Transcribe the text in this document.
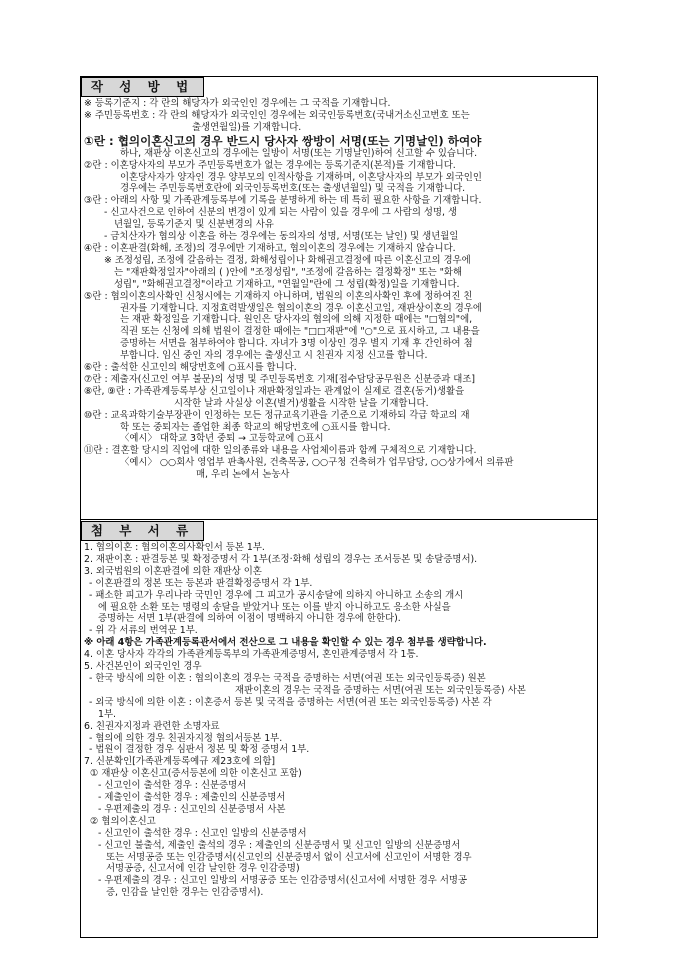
작 성 방 법
※ 등록기준지 : 각 란의 해당자가 외국인인 경우에는 그 국적을 기재합니다.
※ 주민등록번호 : 각 란의 해당자가 외국인인 경우에는 외국인등록번호(국내거소신고번호 또는
출생연월일)를 기재합니다.
①란 : 협의이혼신고의 경우 반드시 당사자 쌍방이 서명(또는 기명날인) 하여야
하나, 재판상 이혼신고의 경우에는 일방이 서명(또는 기명날인)하여 신고할 수 있습니다.
②란 : 이혼당사자의 부모가 주민등록번호가 없는 경우에는 등록기준지(본적)를 기재합니다.
이혼당사자가 양자인 경우 양부모의 인적사항을 기재하며, 이혼당사자의 부모가 외국인인
경우에는 주민등록번호란에 외국인등록번호(또는 출생년월일) 및 국적을 기재합니다.
③란 : 아래의 사항 및 가족관계등록부에 기록을 분명하게 하는 데 특히 필요한 사항을 기재합니다.
- 신고사건으로 인하여 신분의 변경이 있게 되는 사람이 있을 경우에 그 사람의 성명, 생
년월일, 등록기준지 및 신분변경의 사유
- 금치산자가 협의상 이혼을 하는 경우에는 동의자의 성명, 서명(또는 날인) 및 생년월일
④란 : 이혼판결(화해, 조정)의 경우에만 기재하고, 협의이혼의 경우에는 기재하지 않습니다.
※ 조정성립, 조정에 갈음하는 결정, 화해성립이나 화해권고결정에 따른 이혼신고의 경우에
는 "재판확정일자"아래의 ( )안에 "조정성립", "조정에 갈음하는 결정확정" 또는 "화해
성립", "화해권고결정"이라고 기재하고, "연월일"란에 그 성립(확정)일을 기재합니다.
⑤란 : 협의이혼의사확인 신청시에는 기재하지 아니하며, 법원의 이혼의사확인 후에 정하여진 친
권자를 기재합니다. 지정효력발생일은 협의이혼의 경우 이혼신고일, 재판상이혼의 경우에
는 재판 확정일을 기재합니다. 원인은 당사자의 협의에 의해 지정한 때에는 "□협의"에,
직권 또는 신청에 의해 법원이 결정한 때에는 "□□재판"에 "○"으로 표시하고, 그 내용을
증명하는 서면을 첨부하여야 합니다. 자녀가 3명 이상인 경우 별지 기재 후 간인하여 첨
부합니다. 임신 중인 자의 경우에는 출생신고 시 친권자 지정 신고를 합니다.
⑥란 : 출석한 신고인의 해당번호에 ○표시를 합니다.
⑦란 : 제출자(신고인 여부 불문)의 성명 및 주민등록번호 기재[접수담당공무원은 신분증과 대조]
⑧란, ⑨란 : 가족관계등록부상 신고일이나 재판확정일과는 관계없이 실제로 결혼(동거)생활을
시작한 날과 사실상 이혼(별거)생활을 시작한 날을 기재합니다.
⑩란 : 교육과학기술부장관이 인정하는 모든 정규교육기관을 기준으로 기재하되 각급 학교의 재
학 또는 중퇴자는 졸업한 최종 학교의 해당번호에 ○표시를 합니다.
〈예시〉 대학교 3학년 중퇴 → 고등학교에 ○표시
⑪란 : 결혼할 당시의 직업에 대한 일의종류와 내용을 사업체이름과 함께 구체적으로 기재합니다.
〈예시〉 ○○회사 영업부 판촉사원, 건축목공, ○○구청 건축허가 업무담당, ○○상가에서 의류판
매, 우리 논에서 논농사
첨 부 서 류
1. 협의이혼 : 협의이혼의사확인서 등본 1부.
2. 재판이혼 : 판결등본 및 확정증명서 각 1부(조정·화해 성립의 경우는 조서등본 및 송달증명서).
3. 외국법원의 이혼판결에 의한 재판상 이혼
- 이혼판결의 정본 또는 등본과 판결확정증명서 각 1부.
- 패소한 피고가 우리나라 국민인 경우에 그 피고가 공시송달에 의하지 아니하고 소송의 개시
에 필요한 소환 또는 명령의 송달을 받았거나 또는 이를 받지 아니하고도 응소한 사실을
증명하는 서면 1부(판결에 의하여 이점이 명백하지 아니한 경우에 한한다).
- 위 각 서류의 번역문 1부.
※ 아래 4항은 가족관계등록관서에서 전산으로 그 내용을 확인할 수 있는 경우 첨부를 생략합니다.
4. 이혼 당사자 각각의 가족관계등록부의 가족관계증명서, 혼인관계증명서 각 1통.
5. 사건본인이 외국인인 경우
- 한국 방식에 의한 이혼 : 협의이혼의 경우는 국적을 증명하는 서면(여권 또는 외국인등록증) 원본
재판이혼의 경우는 국적을 증명하는 서면(여권 또는 외국인등록증) 사본
- 외국 방식에 의한 이혼 : 이혼증서 등본 및 국적을 증명하는 서면(여권 또는 외국인등록증) 사본 각
1부.
6. 친권자지정과 관련한 소명자료
- 협의에 의한 경우 친권자지정 협의서등본 1부.
- 법원이 결정한 경우 심판서 정본 및 확정 증명서 1부.
7. 신분확인[가족관계등록예규 제23호에 의함]
① 재판상 이혼신고(증서등본에 의한 이혼신고 포함)
- 신고인이 출석한 경우 : 신분증명서
- 제출인이 출석한 경우 : 제출인의 신분증명서
- 우편제출의 경우 : 신고인의 신분증명서 사본
② 협의이혼신고
- 신고인이 출석한 경우 : 신고인 일방의 신분증명서
- 신고인 불출석, 제출인 출석의 경우 : 제출인의 신분증명서 및 신고인 일방의 신분증명서
또는 서명공증 또는 인감증명서(신고인의 신분증명서 없이 신고서에 신고인이 서명한 경우
서명공증, 신고서에 인감 날인한 경우 인감증명)
- 우편제출의 경우 : 신고인 일방의 서명공증 또는 인감증명서(신고서에 서명한 경우 서명공
증, 인감을 날인한 경우는 인감증명서).
